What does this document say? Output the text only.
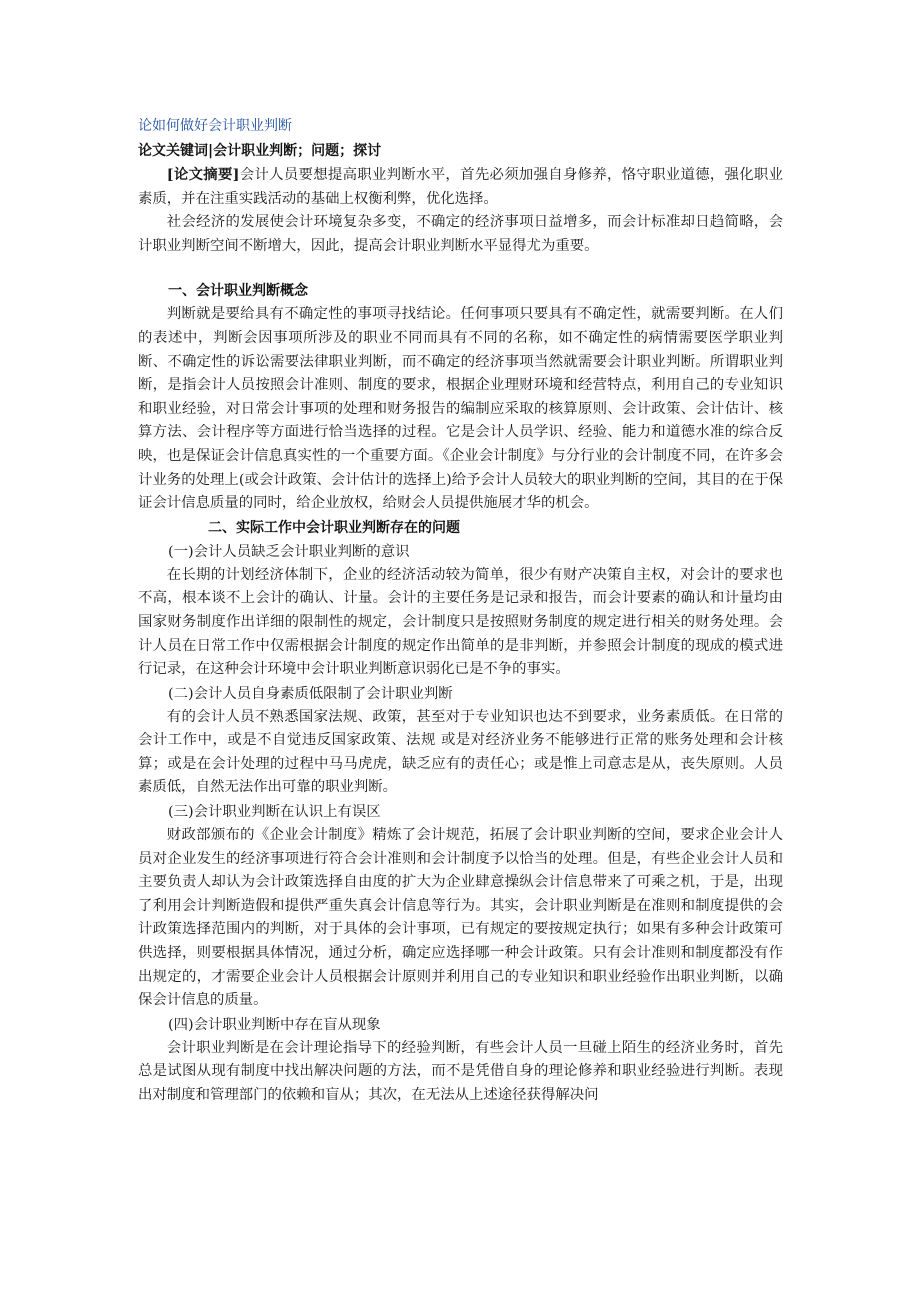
论如何做好会计职业判断
论文关键词|会计职业判断；问题；探讨

[论文摘要]会计人员要想提高职业判断水平，首先必须加强自身修养，恪守职业道德，强化职业素质，并在注重实践活动的基础上权衡利弊，优化选择。

社会经济的发展使会计环境复杂多变，不确定的经济事项日益增多，而会计标准却日趋简略，会计职业判断空间不断增大，因此，提高会计职业判断水平显得尤为重要。

一、会计职业判断概念

判断就是要给具有不确定性的事项寻找结论。任何事项只要具有不确定性，就需要判断。在人们的表述中，判断会因事项所涉及的职业不同而具有不同的名称，如不确定性的病情需要医学职业判断、不确定性的诉讼需要法律职业判断，而不确定的经济事项当然就需要会计职业判断。所谓职业判断，是指会计人员按照会计准则、制度的要求，根据企业理财环境和经营特点，利用自己的专业知识和职业经验，对日常会计事项的处理和财务报告的编制应采取的核算原则、会计政策、会计估计、核算方法、会计程序等方面进行恰当选择的过程。它是会计人员学识、经验、能力和道德水准的综合反映，也是保证会计信息真实性的一个重要方面。《企业会计制度》与分行业的会计制度不同，在许多会计业务的处理上(或会计政策、会计估计的选择上)给予会计人员较大的职业判断的空间，其目的在于保证会计信息质量的同时，给企业放权，给财会人员提供施展才华的机会。

二、实际工作中会计职业判断存在的问题
(一)会计人员缺乏会计职业判断的意识

在长期的计划经济体制下，企业的经济活动较为简单，很少有财产决策自主权，对会计的要求也不高，根本谈不上会计的确认、计量。会计的主要任务是记录和报告，而会计要素的确认和计量均由国家财务制度作出详细的限制性的规定，会计制度只是按照财务制度的规定进行相关的财务处理。会计人员在日常工作中仅需根据会计制度的规定作出简单的是非判断，并参照会计制度的现成的模式进行记录，在这种会计环境中会计职业判断意识弱化已是不争的事实。

(二)会计人员自身素质低限制了会计职业判断

有的会计人员不熟悉国家法规、政策，甚至对于专业知识也达不到要求，业务素质低。在日常的会计工作中，或是不自觉违反国家政策、法规 或是对经济业务不能够进行正常的账务处理和会计核算；或是在会计处理的过程中马马虎虎，缺乏应有的责任心；或是惟上司意志是从，丧失原则。人员素质低，自然无法作出可靠的职业判断。

(三)会计职业判断在认识上有误区

财政部颁布的《企业会计制度》精炼了会计规范，拓展了会计职业判断的空间，要求企业会计人员对企业发生的经济事项进行符合会计准则和会计制度予以恰当的处理。但是，有些企业会计人员和主要负责人却认为会计政策选择自由度的扩大为企业肆意操纵会计信息带来了可乘之机，于是，出现了利用会计判断造假和提供严重失真会计信息等行为。其实，会计职业判断是在准则和制度提供的会计政策选择范围内的判断，对于具体的会计事项，已有规定的要按规定执行；如果有多种会计政策可供选择，则要根据具体情况，通过分析，确定应选择哪一种会计政策。只有会计准则和制度都没有作出规定的，才需要企业会计人员根据会计原则并利用自己的专业知识和职业经验作出职业判断，以确保会计信息的质量。

(四)会计职业判断中存在盲从现象

会计职业判断是在会计理论指导下的经验判断，有些会计人员一旦碰上陌生的经济业务时，首先总是试图从现有制度中找出解决问题的方法，而不是凭借自身的理论修养和职业经验进行判断。表现出对制度和管理部门的依赖和盲从；其次，在无法从上述途径获得解决问
